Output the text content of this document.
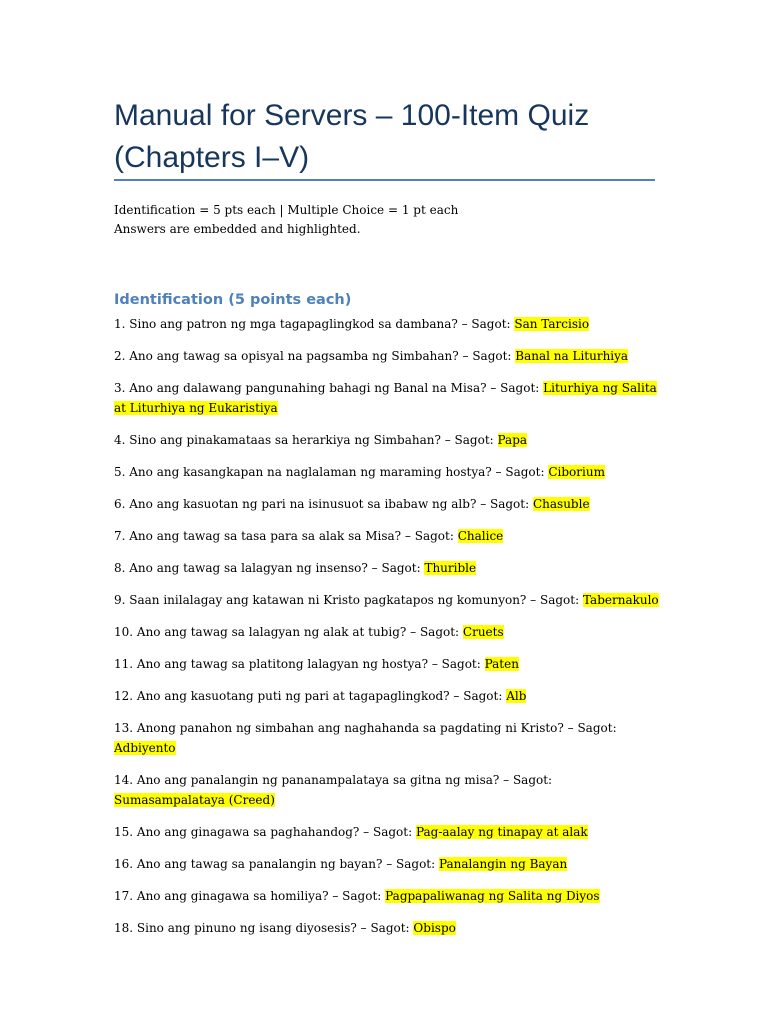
Manual for Servers – 100-Item Quiz (Chapters I–V)
Identification = 5 pts each | Multiple Choice = 1 pt each
Answers are embedded and highlighted.
Identification (5 points each)

1. Sino ang patron ng mga tagapaglingkod sa dambana? – Sagot: San Tarcisio

2. Ano ang tawag sa opisyal na pagsamba ng Simbahan? – Sagot: Banal na Liturhiya

3. Ano ang dalawang pangunahing bahagi ng Banal na Misa? – Sagot: Liturhiya ng Salita at Liturhiya ng Eukaristiya

4. Sino ang pinakamataas sa herarkiya ng Simbahan? – Sagot: Papa

5. Ano ang kasangkapan na naglalaman ng maraming hostya? – Sagot: Ciborium

6. Ano ang kasuotan ng pari na isinusuot sa ibabaw ng alb? – Sagot: Chasuble

7. Ano ang tawag sa tasa para sa alak sa Misa? – Sagot: Chalice

8. Ano ang tawag sa lalagyan ng insenso? – Sagot: Thurible

9. Saan inilalagay ang katawan ni Kristo pagkatapos ng komunyon? – Sagot: Tabernakulo

10. Ano ang tawag sa lalagyan ng alak at tubig? – Sagot: Cruets

11. Ano ang tawag sa platitong lalagyan ng hostya? – Sagot: Paten

12. Ano ang kasuotang puti ng pari at tagapaglingkod? – Sagot: Alb

13. Anong panahon ng simbahan ang naghahanda sa pagdating ni Kristo? – Sagot: Adbiyento

14. Ano ang panalangin ng pananampalataya sa gitna ng misa? – Sagot: Sumasampalataya (Creed)

15. Ano ang ginagawa sa paghahandog? – Sagot: Pag-aalay ng tinapay at alak

16. Ano ang tawag sa panalangin ng bayan? – Sagot: Panalangin ng Bayan

17. Ano ang ginagawa sa homiliya? – Sagot: Pagpapaliwanag ng Salita ng Diyos

18. Sino ang pinuno ng isang diyosesis? – Sagot: Obispo
